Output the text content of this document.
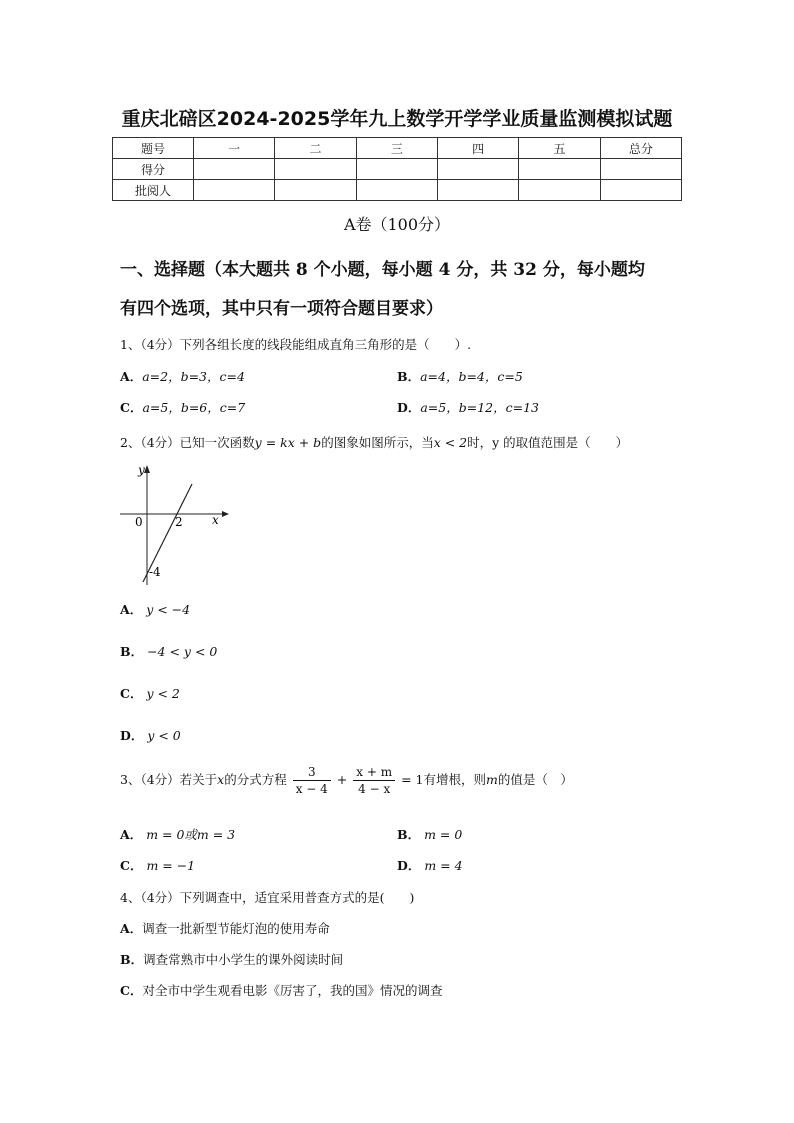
重庆北碚区2024-2025学年九上数学开学学业质量监测模拟试题
题号	一	二	三	四	五	总分
得分						
批阅人						
A卷（100分）
一、选择题（本大题共 8 个小题，每小题 4 分，共 32 分，每小题均
有四个选项，其中只有一项符合题目要求）
1、（4分）下列各组长度的线段能组成直角三角形的是（　　）.
A．a=2，b=3，c=4	B．a=4，b=4，c=5
C．a=5，b=6，c=7	D．a=5，b=12，c=13
2、（4分）已知一次函数y = kx + b的图象如图所示，当x < 2时，y 的取值范围是（　　）
y
x
0	2
-4
A． y < −4
B． −4 < y < 0
C． y < 2
D． y < 0
3、（4分）若关于x的分式方程 $\frac{3}{x - 4} + \frac{x + m}{4 - x} = 1$有增根，则m的值是（　）
A． m = 0或m = 3	B． m = 0
C． m = −1	D． m = 4
4、（4分）下列调查中，适宜采用普查方式的是(　　)
A．调查一批新型节能灯泡的使用寿命
B．调查常熟市中小学生的课外阅读时间
C．对全市中学生观看电影《厉害了，我的国》情况的调查
